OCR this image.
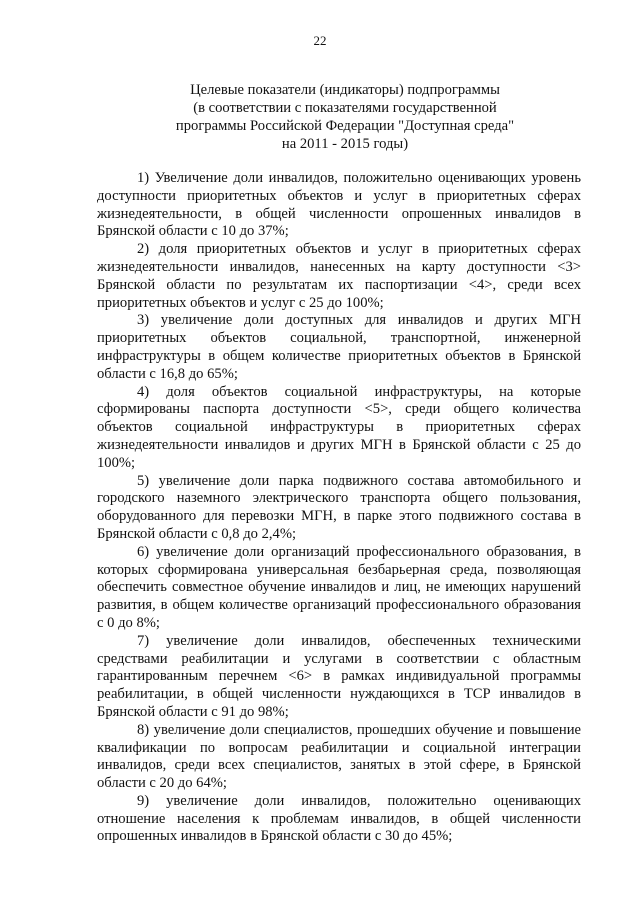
22
Целевые показатели (индикаторы) подпрограммы
(в соответствии с показателями государственной
программы Российской Федерации "Доступная среда"
на 2011 - 2015 годы)

1) Увеличение доли инвалидов, положительно оценивающих уровень доступности приоритетных объектов и услуг в приоритетных сферах жизнедеятельности, в общей численности опрошенных инвалидов в Брянской области с 10 до 37%;

2) доля приоритетных объектов и услуг в приоритетных сферах жизнедеятельности инвалидов, нанесенных на карту доступности <3> Брянской области по результатам их паспортизации <4>, среди всех приоритетных объектов и услуг с 25 до 100%;

3) увеличение доли доступных для инвалидов и других МГН приоритетных объектов социальной, транспортной, инженерной инфраструктуры в общем количестве приоритетных объектов в Брянской области с 16,8 до 65%;

4) доля объектов социальной инфраструктуры, на которые сформированы паспорта доступности <5>, среди общего количества объектов социальной инфраструктуры в приоритетных сферах жизнедеятельности инвалидов и других МГН в Брянской области с 25 до 100%;

5) увеличение доли парка подвижного состава автомобильного и городского наземного электрического транспорта общего пользования, оборудованного для перевозки МГН, в парке этого подвижного состава в Брянской области с 0,8 до 2,4%;

6) увеличение доли организаций профессионального образования, в которых сформирована универсальная безбарьерная среда, позволяющая обеспечить совместное обучение инвалидов и лиц, не имеющих нарушений развития, в общем количестве организаций профессионального образования с 0 до 8%;

7) увеличение доли инвалидов, обеспеченных техническими средствами реабилитации и услугами в соответствии с областным гарантированным перечнем <6> в рамках индивидуальной программы реабилитации, в общей численности нуждающихся в ТСР инвалидов в Брянской области с 91 до 98%;

8) увеличение доли специалистов, прошедших обучение и повышение квалификации по вопросам реабилитации и социальной интеграции инвалидов, среди всех специалистов, занятых в этой сфере, в Брянской области с 20 до 64%;

9) увеличение доли инвалидов, положительно оценивающих отношение населения к проблемам инвалидов, в общей численности опрошенных инвалидов в Брянской области с 30 до 45%;
